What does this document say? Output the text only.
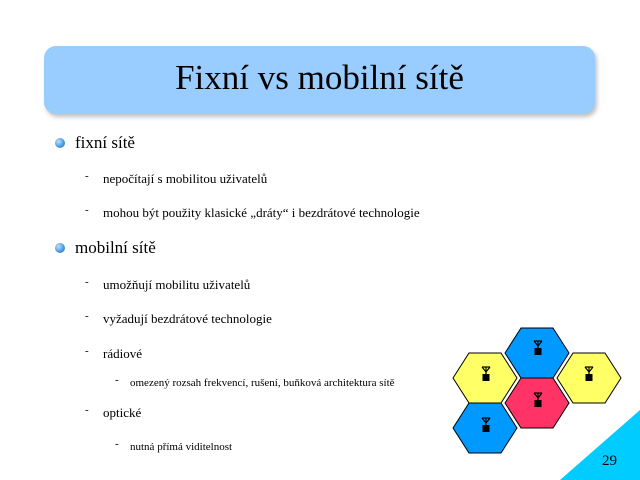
Fixní vs mobilní sítě
fixní sítě
- nepočítají s mobilitou uživatelů
- mohou být použity klasické „dráty“ i bezdrátové technologie
mobilní sítě
- umožňují mobilitu uživatelů
- vyžadují bezdrátové technologie
- rádiové
- omezený rozsah frekvencí, rušení, buňková architektura sítě
- optické
- nutná přímá viditelnost
29
